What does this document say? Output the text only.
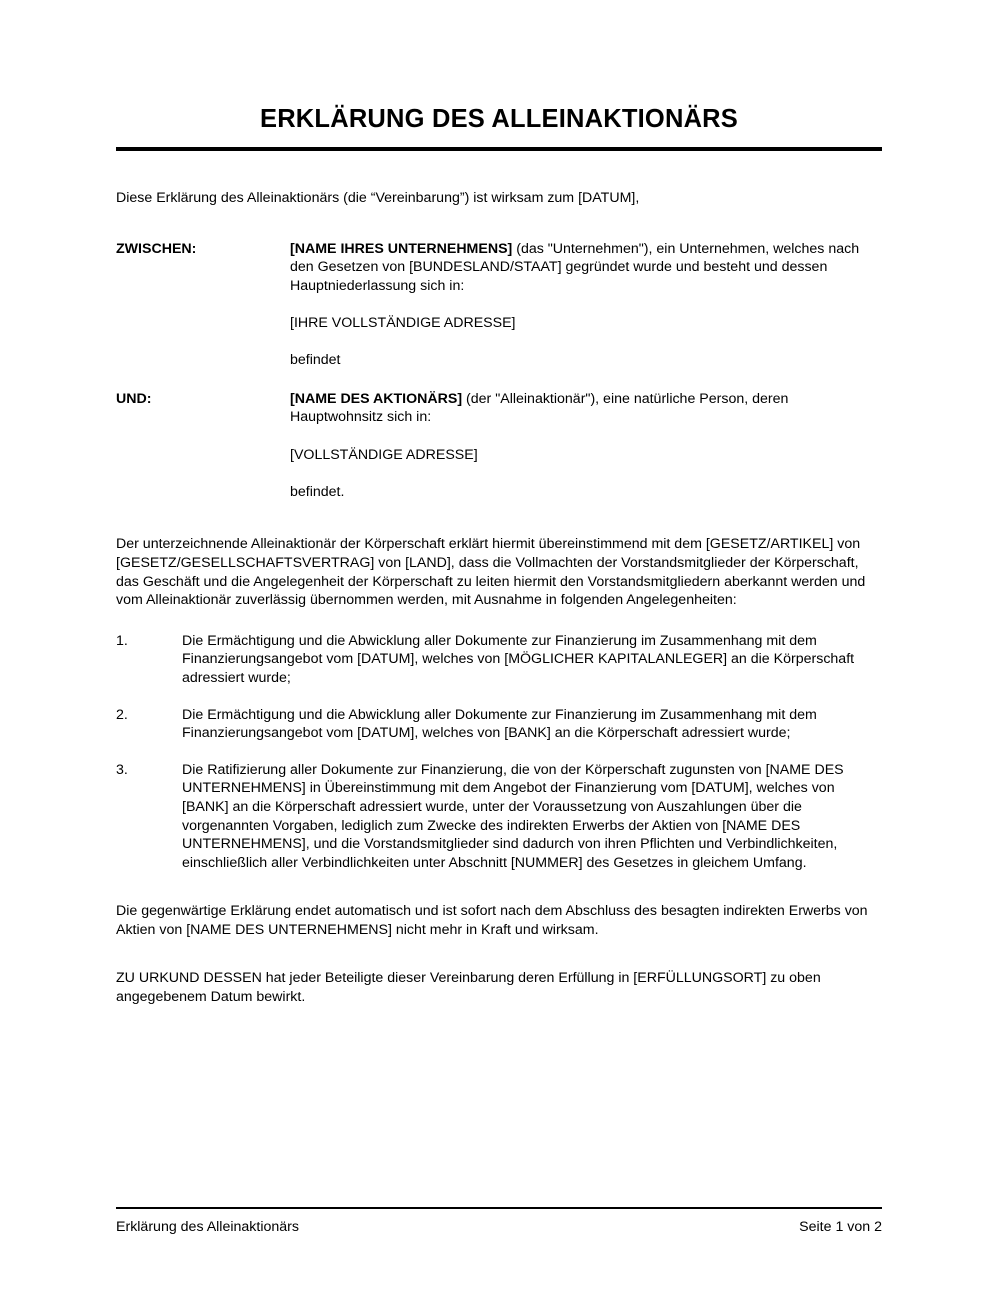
ERKLÄRUNG DES ALLEINAKTIONÄRS

Diese Erklärung des Alleinaktionärs (die “Vereinbarung”) ist wirksam zum [DATUM],

ZWISCHEN:	[NAME IHRES UNTERNEHMENS] (das "Unternehmen"), ein Unternehmen, welches nach den Gesetzen von [BUNDESLAND/STAAT] gegründet wurde und besteht und dessen Hauptniederlassung sich in:
[IHRE VOLLSTÄNDIGE ADRESSE]
befindet
UND:	[NAME DES AKTIONÄRS] (der "Alleinaktionär"), eine natürliche Person, deren Hauptwohnsitz sich in:
[VOLLSTÄNDIGE ADRESSE]
befindet.

Der unterzeichnende Alleinaktionär der Körperschaft erklärt hiermit übereinstimmend mit dem [GESETZ/ARTIKEL] von [GESETZ/GESELLSCHAFTSVERTRAG] von [LAND], dass die Vollmachten der Vorstandsmitglieder der Körperschaft, das Geschäft und die Angelegenheit der Körperschaft zu leiten hiermit den Vorstandsmitgliedern aberkannt werden und vom Alleinaktionär zuverlässig übernommen werden, mit Ausnahme in folgenden Angelegenheiten:

1.	Die Ermächtigung und die Abwicklung aller Dokumente zur Finanzierung im Zusammenhang mit dem Finanzierungsangebot vom [DATUM], welches von [MÖGLICHER KAPITALANLEGER] an die Körperschaft adressiert wurde;
2.	Die Ermächtigung und die Abwicklung aller Dokumente zur Finanzierung im Zusammenhang mit dem Finanzierungsangebot vom [DATUM], welches von [BANK] an die Körperschaft adressiert wurde;
3.	Die Ratifizierung aller Dokumente zur Finanzierung, die von der Körperschaft zugunsten von [NAME DES UNTERNEHMENS] in Übereinstimmung mit dem Angebot der Finanzierung vom [DATUM], welches von [BANK] an die Körperschaft adressiert wurde, unter der Voraussetzung von Auszahlungen über die vorgenannten Vorgaben, lediglich zum Zwecke des indirekten Erwerbs der Aktien von [NAME DES UNTERNEHMENS], und die Vorstandsmitglieder sind dadurch von ihren Pflichten und Verbindlichkeiten, einschließlich aller Verbindlichkeiten unter Abschnitt [NUMMER] des Gesetzes in gleichem Umfang.

Die gegenwärtige Erklärung endet automatisch und ist sofort nach dem Abschluss des besagten indirekten Erwerbs von Aktien von [NAME DES UNTERNEHMENS] nicht mehr in Kraft und wirksam.

ZU URKUND DESSEN hat jeder Beteiligte dieser Vereinbarung deren Erfüllung in [ERFÜLLUNGSORT] zu oben angegebenem Datum bewirkt.

Erklärung des Alleinaktionärs	Seite 1 von 2
